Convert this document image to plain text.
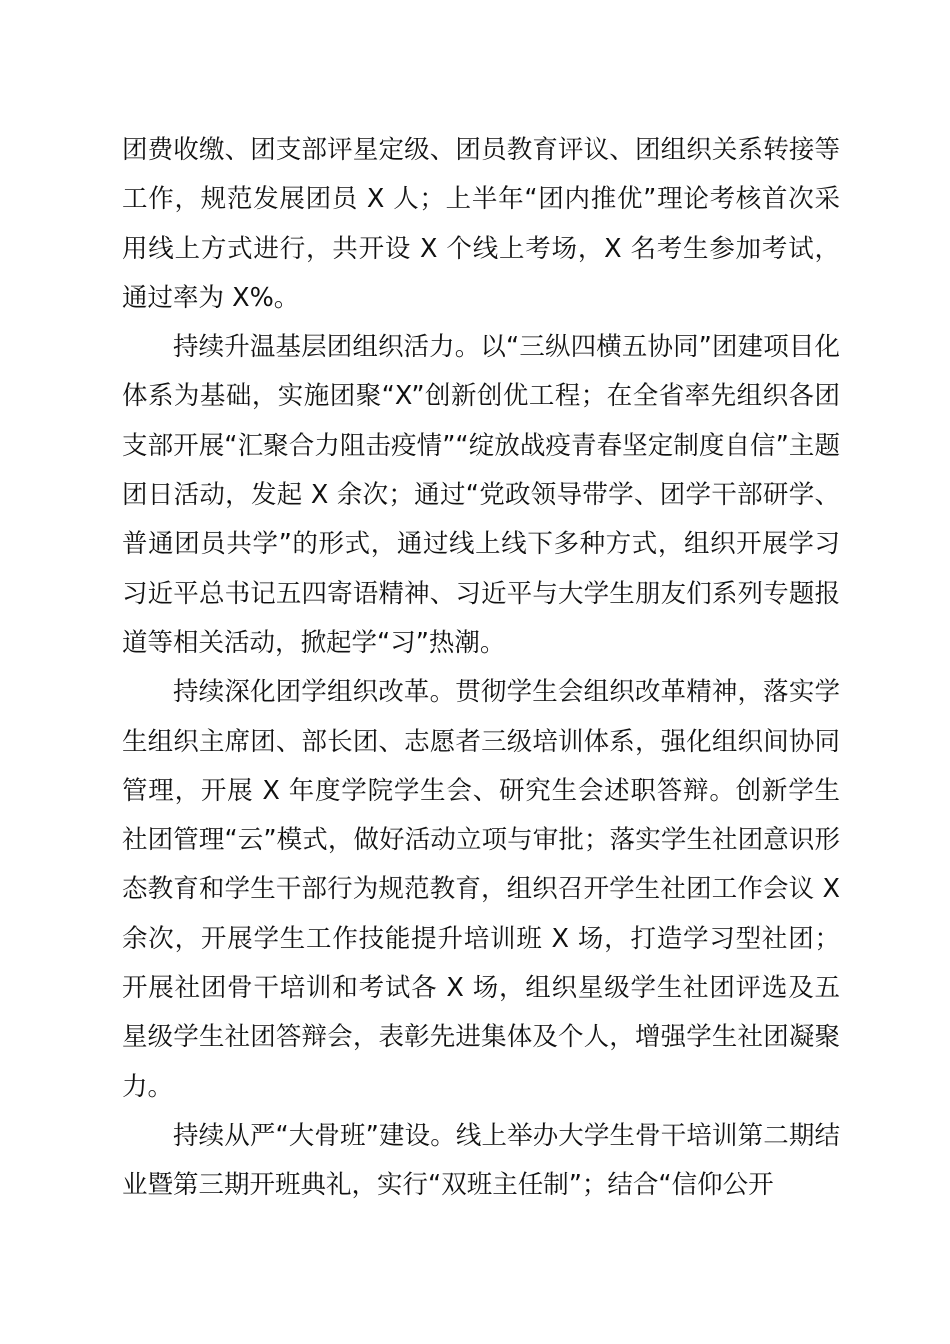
团费收缴、团支部评星定级、团员教育评议、团组织关系转接等工作，规范发展团员 X 人；上半年“团内推优”理论考核首次采用线上方式进行，共开设 X 个线上考场，X 名考生参加考试，通过率为 X%。

持续升温基层团组织活力。以“三纵四横五协同”团建项目化体系为基础，实施团聚“X”创新创优工程；在全省率先组织各团支部开展“汇聚合力阻击疫情”“绽放战疫青春坚定制度自信”主题团日活动，发起 X 余次；通过“党政领导带学、团学干部研学、普通团员共学”的形式，通过线上线下多种方式，组织开展学习习近平总书记五四寄语精神、习近平与大学生朋友们系列专题报道等相关活动，掀起学“习”热潮。

持续深化团学组织改革。贯彻学生会组织改革精神，落实学生组织主席团、部长团、志愿者三级培训体系，强化组织间协同管理，开展 X 年度学院学生会、研究生会述职答辩。创新学生社团管理“云”模式，做好活动立项与审批；落实学生社团意识形态教育和学生干部行为规范教育，组织召开学生社团工作会议 X 余次，开展学生工作技能提升培训班 X 场，打造学习型社团；开展社团骨干培训和考试各 X 场，组织星级学生社团评选及五星级学生社团答辩会，表彰先进集体及个人，增强学生社团凝聚力。

持续从严“大骨班”建设。线上举办大学生骨干培训第二期结业暨第三期开班典礼，实行“双班主任制”；结合“信仰公开
